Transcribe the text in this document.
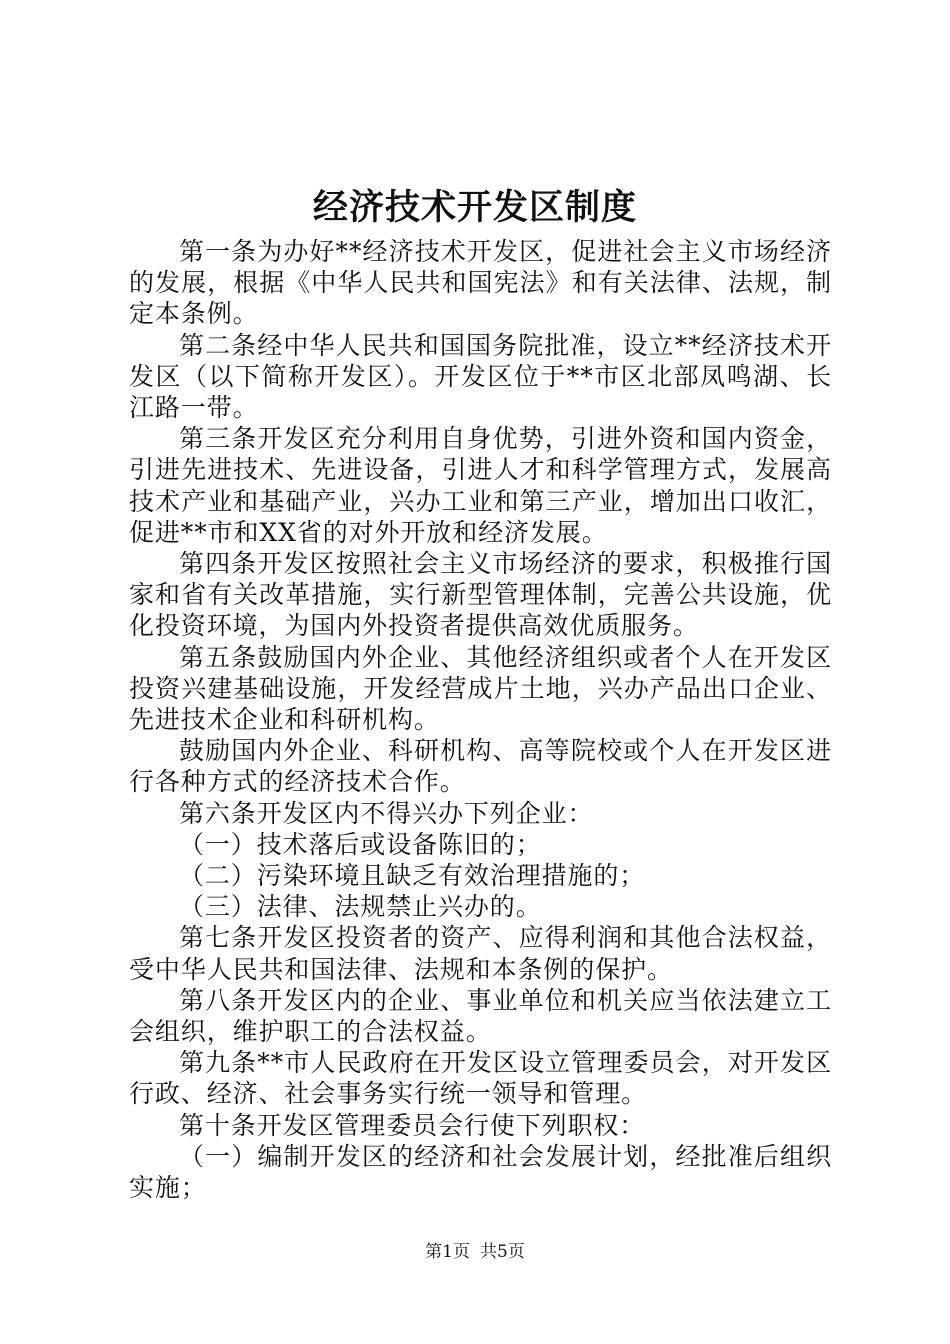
经济技术开发区制度

第一条为办好**经济技术开发区，促进社会主义市场经济的发展，根据《中华人民共和国宪法》和有关法律、法规，制定本条例。

第二条经中华人民共和国国务院批准，设立**经济技术开发区（以下简称开发区）。开发区位于**市区北部凤鸣湖、长江路一带。

第三条开发区充分利用自身优势，引进外资和国内资金，引进先进技术、先进设备，引进人才和科学管理方式，发展高技术产业和基础产业，兴办工业和第三产业，增加出口收汇，促进**市和XX省的对外开放和经济发展。

第四条开发区按照社会主义市场经济的要求，积极推行国家和省有关改革措施，实行新型管理体制，完善公共设施，优化投资环境，为国内外投资者提供高效优质服务。

第五条鼓励国内外企业、其他经济组织或者个人在开发区投资兴建基础设施，开发经营成片土地，兴办产品出口企业、先进技术企业和科研机构。

鼓励国内外企业、科研机构、高等院校或个人在开发区进行各种方式的经济技术合作。

第六条开发区内不得兴办下列企业：

（一）技术落后或设备陈旧的；

（二）污染环境且缺乏有效治理措施的；

（三）法律、法规禁止兴办的。

第七条开发区投资者的资产、应得利润和其他合法权益，受中华人民共和国法律、法规和本条例的保护。

第八条开发区内的企业、事业单位和机关应当依法建立工会组织，维护职工的合法权益。

第九条**市人民政府在开发区设立管理委员会，对开发区行政、经济、社会事务实行统一领导和管理。

第十条开发区管理委员会行使下列职权：

（一）编制开发区的经济和社会发展计划，经批准后组织实施；

第1页 共5页
